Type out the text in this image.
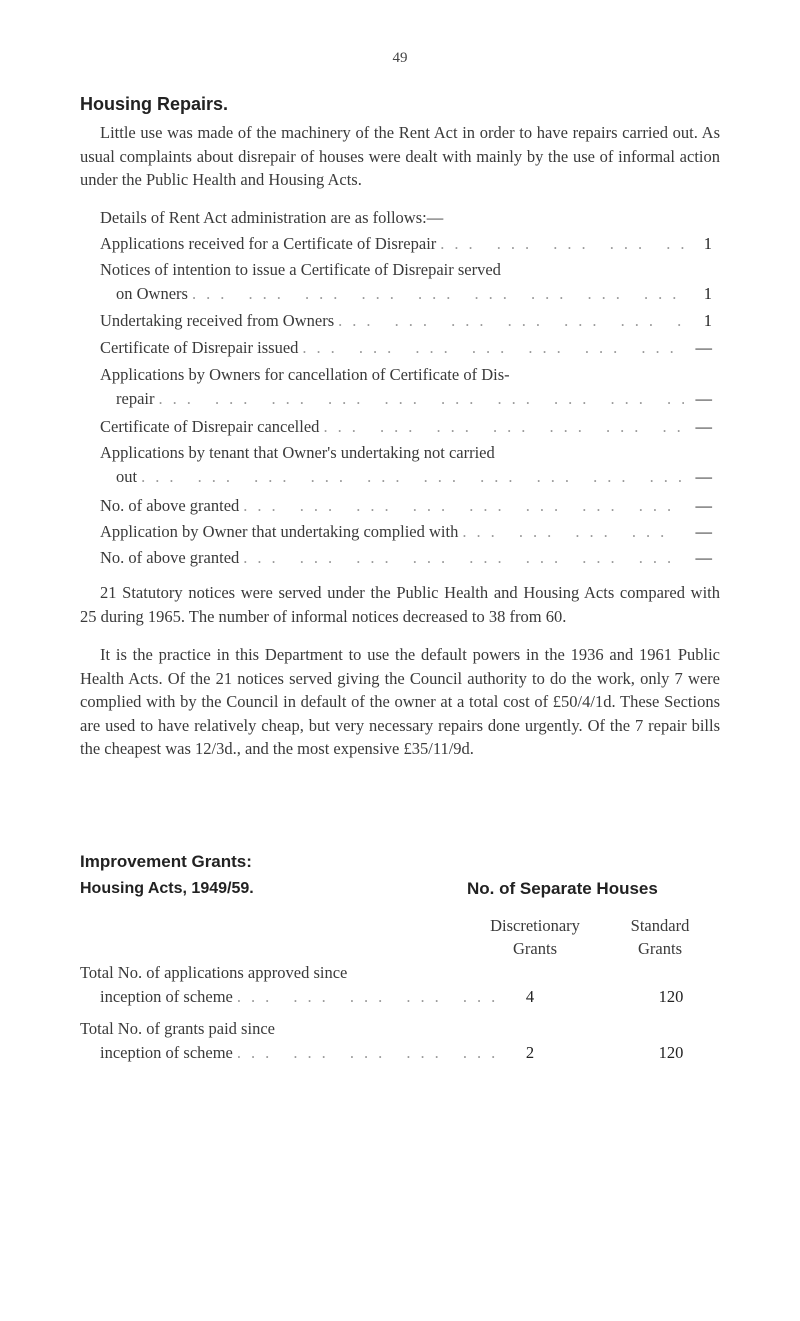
49
Housing Repairs.

Little use was made of the machinery of the Rent Act in order to have repairs carried out. As usual complaints about disrepair of houses were dealt with mainly by the use of informal action under the Public Health and Housing Acts.

Details of Rent Act administration are as follows:—
Applications received for a Certificate of Disrepair ... .	1
Notices of intention to issue a Certificate of Disrepair served
on Owners ... .	1
Undertaking received from Owners ... .	1
Certificate of Disrepair issued ... .	—
Applications by Owners for cancellation of Certificate of Dis-
repair ... .	—
Certificate of Disrepair cancelled ... .	—
Applications by tenant that Owner's undertaking not carried
out ... .	—
No. of above granted ... .	—
Application by Owner that undertaking complied with ... .	—
No. of above granted ... .	—

21 Statutory notices were served under the Public Health and Housing Acts compared with 25 during 1965. The number of informal notices decreased to 38 from 60.

It is the practice in this Department to use the default powers in the 1936 and 1961 Public Health Acts. Of the 21 notices served giving the Council authority to do the work, only 7 were complied with by the Council in default of the owner at a total cost of £50/4/1d. These Sections are used to have relatively cheap, but very necessary repairs done urgently. Of the 7 repair bills the cheapest was 12/3d., and the most expensive £35/11/9d.

Improvement Grants:
Housing Acts, 1949/59.	No. of Separate Houses
Discretionary
Grants
Standard
Grants
Total No. of applications approved since
inception of scheme ... .	4	120
Total No. of grants paid since
inception of scheme ... .	2	120
